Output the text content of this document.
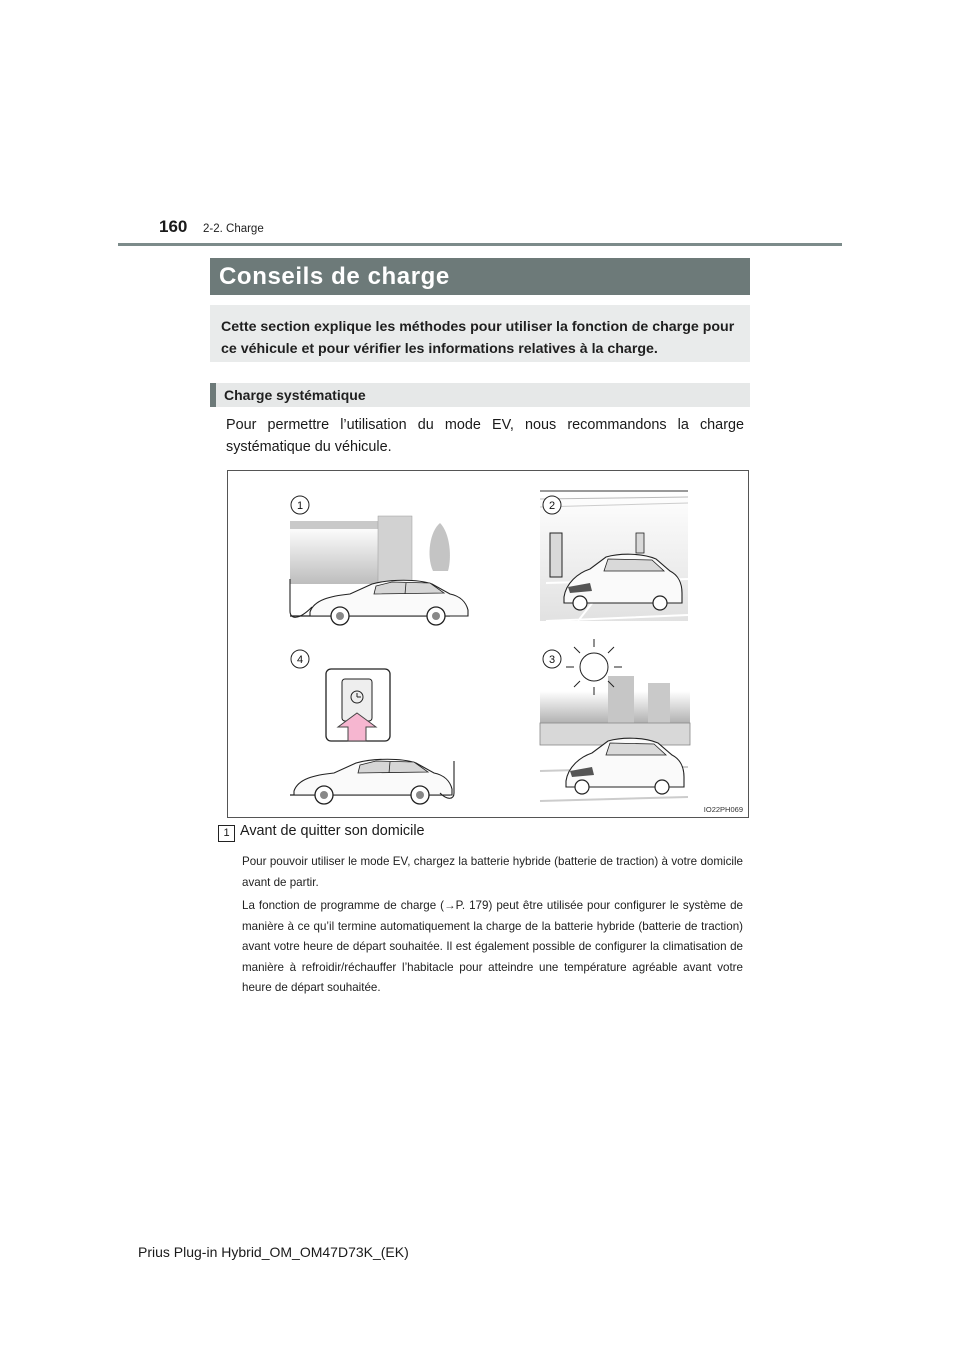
160 2-2. Charge
Conseils de charge
Cette section explique les méthodes pour utiliser la fonction de charge pour ce véhicule et pour vérifier les informations relatives à la charge.
Charge systématique
Pour permettre l’utilisation du mode EV, nous recommandons la charge systématique du véhicule.
1	2
4	3
IO22PH069
1 Avant de quitter son domicile
Pour pouvoir utiliser le mode EV, chargez la batterie hybride (batterie de traction) à votre domicile avant de partir.
La fonction de programme de charge (→P. 179) peut être utilisée pour configurer le système de manière à ce qu’il termine automatiquement la charge de la batterie hybride (batterie de traction) avant votre heure de départ souhaitée. Il est également possible de configurer la climatisation de manière à refroidir/réchauffer l’habitacle pour atteindre une température agréable avant votre heure de départ souhaitée.
Prius Plug-in Hybrid_OM_OM47D73K_(EK)
